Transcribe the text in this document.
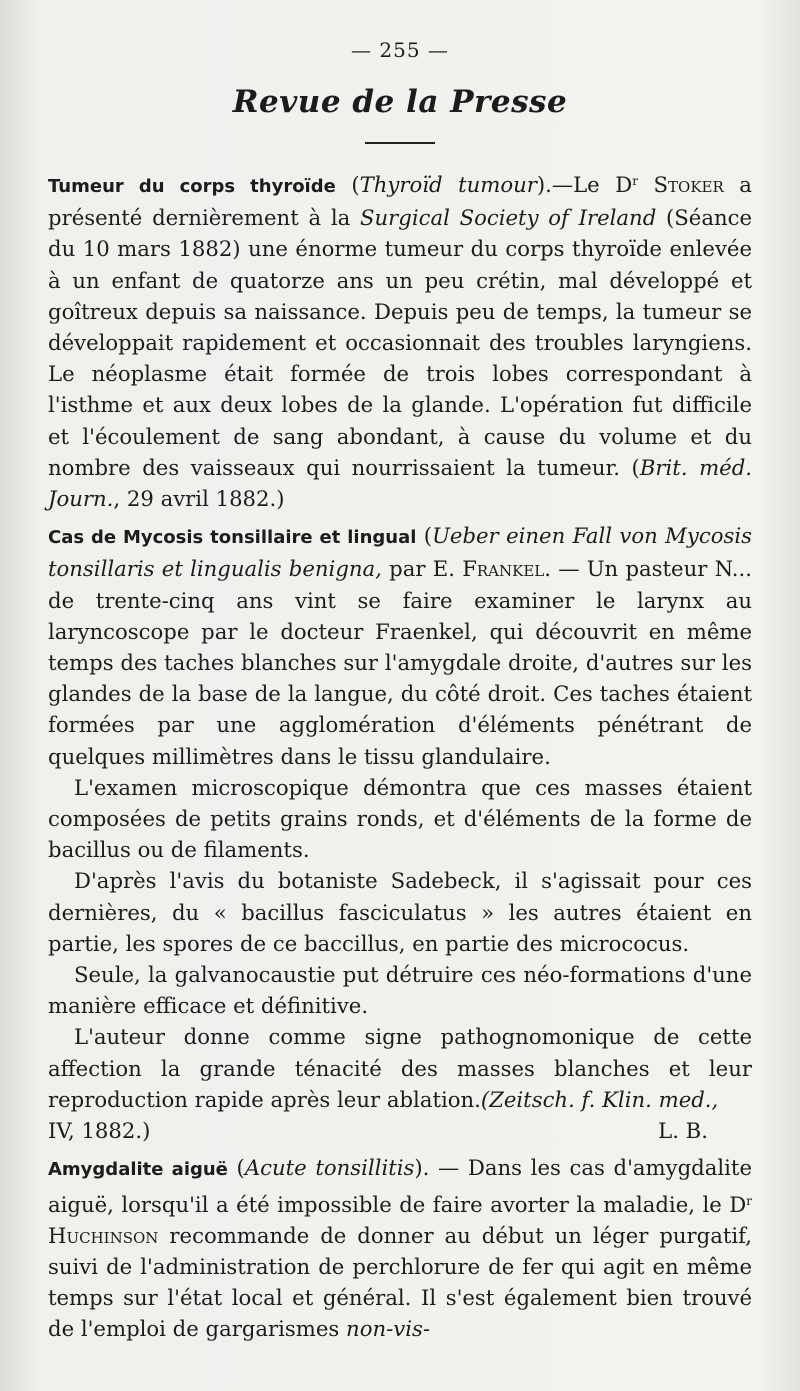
— 255 —
Revue de la Presse

Tumeur du corps thyroïde (Thyroïd tumour).—Le $D^r$ Stoker a présenté dernièrement à la Surgical Society of Ireland (Séance du 10 mars 1882) une énorme tumeur du corps thyroïde enlevée à un enfant de quatorze ans un peu crétin, mal développé et goîtreux depuis sa naissance. Depuis peu de temps, la tumeur se développait rapidement et occasionnait des troubles laryngiens. Le néoplasme était formée de trois lobes correspondant à l'isthme et aux deux lobes de la glande. L'opération fut difficile et l'écoulement de sang abondant, à cause du volume et du nombre des vaisseaux qui nourrissaient la tumeur. (Brit. méd. Journ., 29 avril 1882.)

Cas de Mycosis tonsillaire et lingual (Ueber einen Fall von Mycosis tonsillaris et lingualis benigna, par E. Frankel. — Un pasteur N... de trente-cinq ans vint se faire examiner le larynx au laryncoscope par le docteur Fraenkel, qui découvrit en même temps des taches blanches sur l'amygdale droite, d'autres sur les glandes de la base de la langue, du côté droit. Ces taches étaient formées par une agglomération d'éléments pénétrant de quelques millimètres dans le tissu glandulaire.

L'examen microscopique démontra que ces masses étaient composées de petits grains ronds, et d'éléments de la forme de bacillus ou de filaments.

D'après l'avis du botaniste Sadebeck, il s'agissait pour ces dernières, du « bacillus fasciculatus » les autres étaient en partie, les spores de ce baccillus, en partie des micrococus.

Seule, la galvanocaustie put détruire ces néo-formations d'une manière efficace et définitive.

L'auteur donne comme signe pathognomonique de cette affection la grande ténacité des masses blanches et leur reproduction rapide après leur ablation.(Zeitsch. f. Klin. med.,

IV, 1882.)	L. B.

Amygdalite aiguë (Acute tonsillitis). — Dans les cas d'amygdalite aiguë, lorsqu'il a été impossible de faire avorter la maladie, le $D^r$ Huchinson recommande de donner au début un léger purgatif, suivi de l'administration de perchlorure de fer qui agit en même temps sur l'état local et général. Il s'est également bien trouvé de l'emploi de gargarismes non-vis-
